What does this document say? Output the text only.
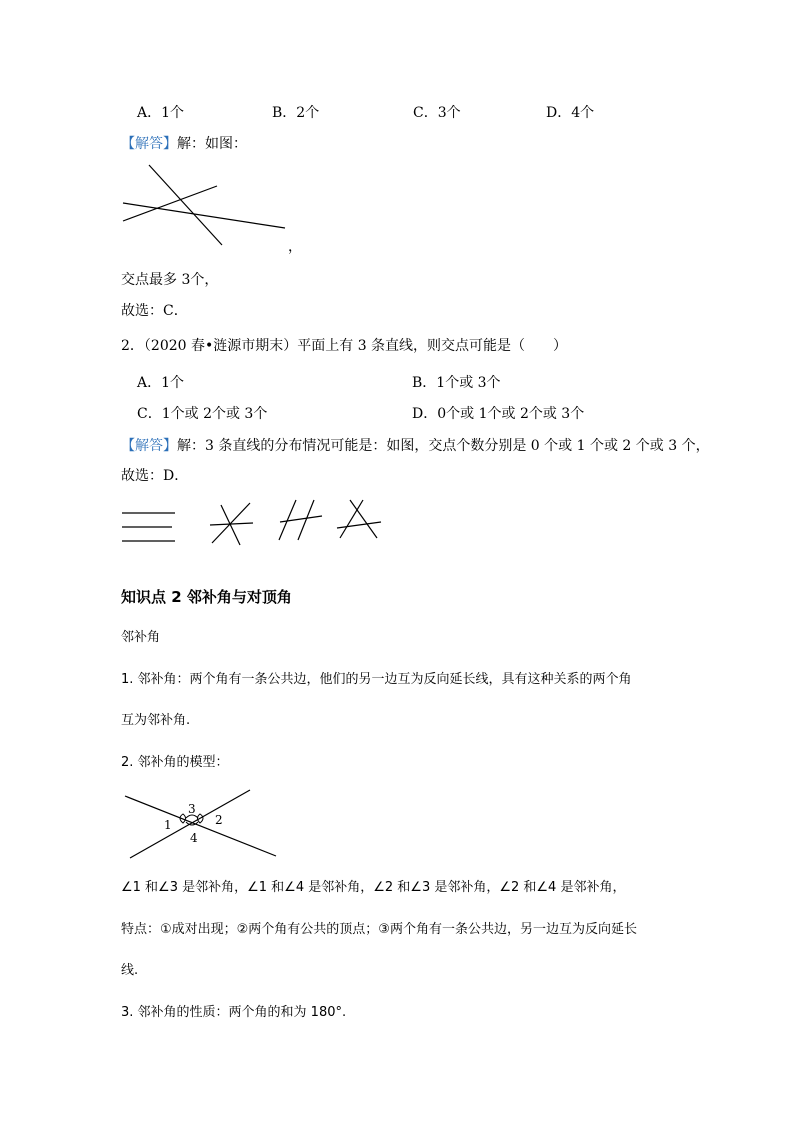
A．1个	B．2个	C．3个	D．4个
【解答】解：如图：
，
交点最多 3个，
故选：C．
2．（2020 春•涟源市期末）平面上有 3 条直线，则交点可能是（　　）
A．1个	B．1个或 3个
C．1个或 2个或 3个	D．0个或 1个或 2个或 3个
【解答】解：3 条直线的分布情况可能是：如图，交点个数分别是 0 个或 1 个或 2 个或 3 个，
故选：D．
知识点 2 邻补角与对顶角
邻补角
1. 邻补角：两个角有一条公共边，他们的另一边互为反向延长线，具有这种关系的两个角
互为邻补角.
2. 邻补角的模型：
1	2
3
4
∠1 和∠3 是邻补角，∠1 和∠4 是邻补角，∠2 和∠3 是邻补角，∠2 和∠4 是邻补角，
特点：①成对出现；②两个角有公共的顶点；③两个角有一条公共边，另一边互为反向延长
线.
3. 邻补角的性质：两个角的和为 180°.
